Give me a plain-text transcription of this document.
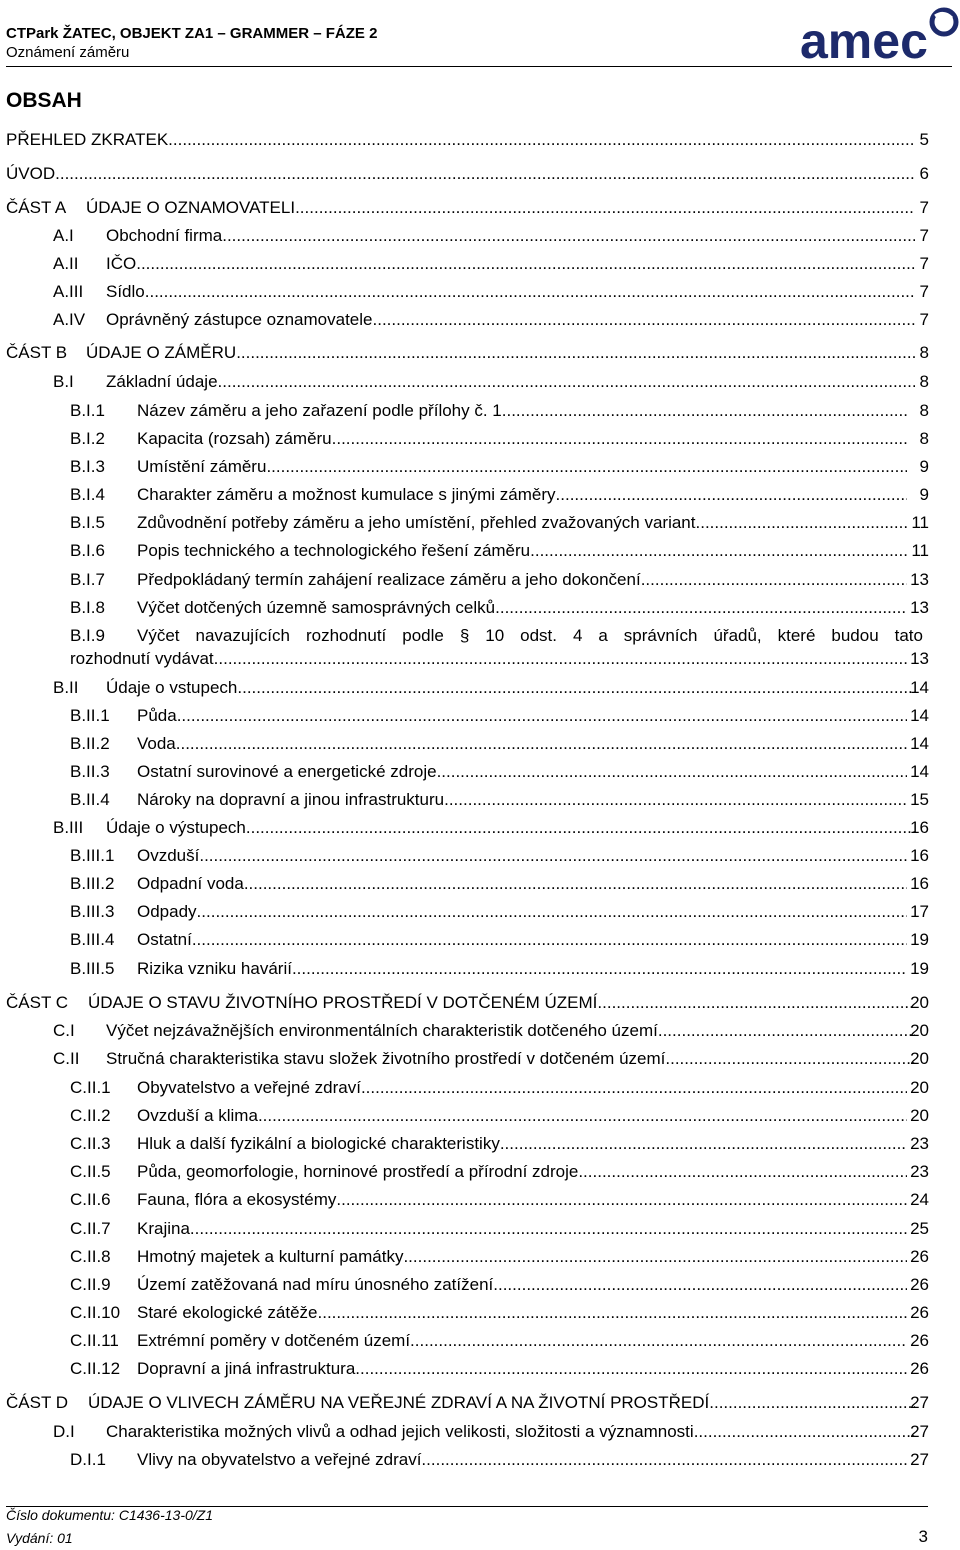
CTPark ŽATEC, OBJEKT ZA1 – GRAMMER – FÁZE 2
Oznámení záměru	amec
OBSAH
PŘEHLED ZKRATEK .....	5
ÚVOD .....	6
ČÁST A ÚDAJE O OZNAMOVATELI .....	7
A.I Obchodní firma .....	7
A.II IČO .....	7
A.III Sídlo .....	7
A.IV Oprávněný zástupce oznamovatele .....	7
ČÁST B ÚDAJE O ZÁMĚRU .....	8
B.I Základní údaje .....	8
B.I.1 Název záměru a jeho zařazení podle přílohy č. 1 .....	8
B.I.2 Kapacita (rozsah) záměru .....	8
B.I.3 Umístění záměru .....	9
B.I.4 Charakter záměru a možnost kumulace s jinými záměry .....	9
B.I.5 Zdůvodnění potřeby záměru a jeho umístění, přehled zvažovaných variant .....	11
B.I.6 Popis technického a technologického řešení záměru .....	11
B.I.7 Předpokládaný termín zahájení realizace záměru a jeho dokončení .....	13
B.I.8 Výčet dotčených územně samosprávných celků .....	13
B.I.9 Výčet navazujících rozhodnutí podle § 10 odst. 4 a správních úřadů, které budou tato
rozhodnutí vydávat .....	13
B.II Údaje o vstupech .....	14
B.II.1 Půda .....	14
B.II.2 Voda .....	14
B.II.3 Ostatní surovinové a energetické zdroje .....	14
B.II.4 Nároky na dopravní a jinou infrastrukturu .....	15
B.III Údaje o výstupech .....	16
B.III.1 Ovzduší .....	16
B.III.2 Odpadní voda .....	16
B.III.3 Odpady .....	17
B.III.4 Ostatní .....	19
B.III.5 Rizika vzniku havárií .....	19
ČÁST C ÚDAJE O STAVU ŽIVOTNÍHO PROSTŘEDÍ V DOTČENÉM ÚZEMÍ .....	20
C.I Výčet nejzávažnějších environmentálních charakteristik dotčeného území .....	20
C.II Stručná charakteristika stavu složek životního prostředí v dotčeném území .....	20
C.II.1 Obyvatelstvo a veřejné zdraví .....	20
C.II.2 Ovzduší a klima .....	20
C.II.3 Hluk a další fyzikální a biologické charakteristiky .....	23
C.II.5 Půda, geomorfologie, horninové prostředí a přírodní zdroje .....	23
C.II.6 Fauna, flóra a ekosystémy .....	24
C.II.7 Krajina .....	25
C.II.8 Hmotný majetek a kulturní památky .....	26
C.II.9 Území zatěžovaná nad míru únosného zatížení .....	26
C.II.10 Staré ekologické zátěže .....	26
C.II.11 Extrémní poměry v dotčeném území .....	26
C.II.12 Dopravní a jiná infrastruktura .....	26
ČÁST D ÚDAJE O VLIVECH ZÁMĚRU NA VEŘEJNÉ ZDRAVÍ A NA ŽIVOTNÍ PROSTŘEDÍ .....	27
D.I Charakteristika možných vlivů a odhad jejich velikosti, složitosti a významnosti .....	27
D.I.1 Vlivy na obyvatelstvo a veřejné zdraví .....	27
Číslo dokumentu: C1436-13-0/Z1
Vydání: 01	3
